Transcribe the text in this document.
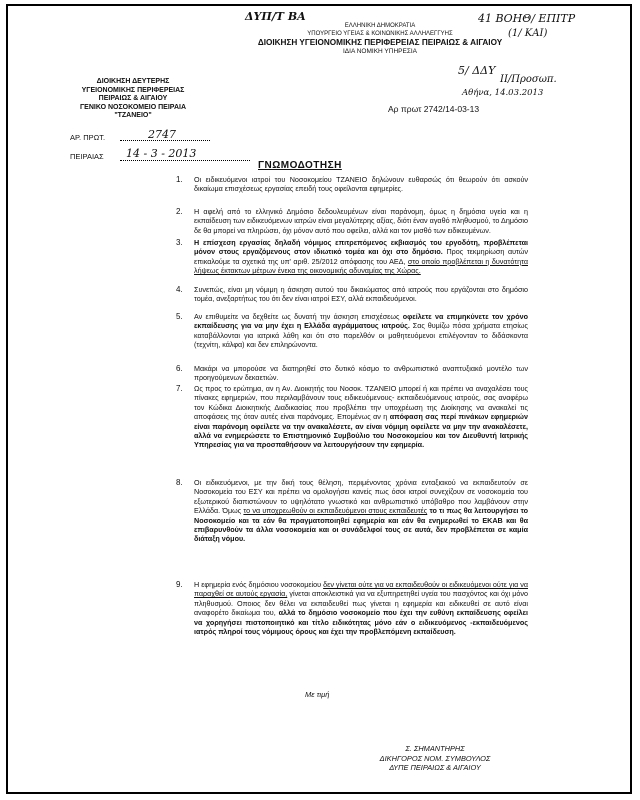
ΔΥΠ/Τ ΒΑ	41 ΒΟΗΘ/ ΕΠΙΤΡ
(1/ ΚΑΙ)
5/ ΔΔΥ
ΙΙ/Προσωπ.
Αθήνα, 14.03.2013
ΕΛΛΗΝΙΚΗ ΔΗΜΟΚΡΑΤΙΑ
ΥΠΟΥΡΓΕΙΟ ΥΓΕΙΑΣ & ΚΟΙΝΩΝΙΚΗΣ ΑΛΛΗΛΕΓΓΥΗΣ
ΔΙΟΙΚΗΣΗ ΥΓΕΙΟΝΟΜΙΚΗΣ ΠΕΡΙΦΕΡΕΙΑΣ ΠΕΙΡΑΙΩΣ & ΑΙΓΑΙΟΥ
ΙΔΙΑ ΝΟΜΙΚΗ ΥΠΗΡΕΣΙΑ
Αρ πρωτ 2742/14-03-13
ΔΙΟΙΚΗΣΗ ΔΕΥΤΕΡΗΣ
ΥΓΕΙΟΝΟΜΙΚΗΣ ΠΕΡΙΦΕΡΕΙΑΣ
ΠΕΙΡΑΙΩΣ & ΑΙΓΑΙΟΥ
ΓΕΝΙΚΟ ΝΟΣΟΚΟΜΕΙΟ ΠΕΙΡΑΙΑ
"ΤΖΑΝΕΙΟ"
ΑΡ. ΠΡΩΤ.	2747
ΠΕΙΡΑΙΑΣ 14 - 3 - 2013
ΓΝΩΜΟΔΟΤΗΣΗ
1. Οι ειδικευόμενοι ιατροί του Νοσοκομείου ΤΖΑΝΕΙΟ δηλώνουν ευθαρσώς ότι θεωρούν ότι ασκούν δικαίωμα επισχέσεως εργασίας επειδή τους οφείλονται εφημερίες.
2. Η αφελή από το ελληνικό Δημόσιο δεδουλευμένων είναι παράνομη, όμως η δημόσια υγεία και η εκπαίδευση των ειδικευόμενων ιατρών είναι μεγαλύτερης αξίας, διότι έναν αγαθό πληθυσμού, το Δημόσιο δε θα μπορεί να πληρώσει, όχι μόνον αυτό που οφείλει, αλλά και τον μισθό των ειδικευμένων.
3. Η επίσχεση εργασίας δηλαδή νόμιμος επιτρεπόμενος εκβιασμός του εργοδότη, προβλέπεται μόνον στους εργαζόμενους στον ιδιωτικό τομέα και όχι στο δημόσιο. Προς τεκμηρίωση αυτών επικαλούμε τα σχετικά της υπ' αριθ. 25/2012 απόφασης του ΑΕΔ, στο οποίο προβλέπεται η δυνατότητα λήψεως έκτακτων μέτρων ένεκα της οικονομικής αδυναμίας της Χώρας.
4. Συνεπώς, είναι μη νόμιμη η άσκηση αυτού του δικαιώματος από ιατρούς που εργάζονται στο δημόσιο τομέα, ανεξαρτήτως του ότι δεν είναι ιατροί ΕΣΥ, αλλά εκπαιδευόμενοι.
5. Αν επιθυμείτε να δεχθείτε ως δυνατή την άσκηση επισχέσεως οφείλετε να επιμηκύνετε τον χρόνο εκπαίδευσης για να μην έχει η Ελλάδα αγράμματους ιατρούς. Σας θυμίζω πόσα χρήματα ετησίως καταβάλλονται για ιατρικά λάθη και ότι στο παρελθόν οι μαθητευόμενοι επιλέγονταν το διδάσκοντα (τεχνίτη, κάλφα) και δεν επιληρώνοντα.
6. Μακάρι να μπορούσε να διατηρηθεί στο δυτικό κόσμο το ανθρωπιστικό αναπτυξιακό μοντέλο των προηγούμενων δεκαετιών.
7. Ως προς το ερώτημα, αν η Αν. Διοικητής του Νοσοκ. ΤΖΑΝΕΙΟ μπορεί ή και πρέπει να αναχαλέσει τους πίνακες εφημεριών, που περιλαμβάνουν τους ειδικευόμενους- εκπαιδευόμενους ιατρούς, σας αναφέρω τον Κώδικα Διοικητικής Διαδικασίας που προβλέπει την υποχρέωση της Διοίκησης να ανακαλεί τις αποφάσεις της όταν αυτές είναι παράνομες. Επομένως αν η απόφαση σας περί πινάκων εφημεριών είναι παράνομη οφείλετε να την ανακαλέσετε, αν είναι νόμιμη οφείλετε να μην την ανακαλέσετε, αλλά να ενημερώσετε το Επιστημονικό Συμβούλιο του Νοσοκομείου και τον Διευθυντή Ιατρικής Υπηρεσίας για να προσπαθήσουν να λειτουργήσουν την εφημερία.
8. Οι ειδικευόμενοι, με την δική τους θέληση, περιμένοντας χρόνια ενταξιακού να εκπαιδευτούν σε Νοσοκομεία του ΕΣΥ και πρέπει να ομολογήσει κανείς πως όσοι ιατροί συνεχίζουν σε νοσοκομεία του εξωτερικού διαπιστώνουν το υψηλότατο γνωστικό και ανθρωπιστικό υπόβαθρο που λαμβάνουν στην Ελλάδα. Όμως το να υποχρεωθούν οι εκπαιδευόμενοι στους εκπαιδευτές το τι πως θα λειτουργήσει το Νοσοκομείο και τα εάν θα πραγματοποιηθεί εφημερία και εάν θα ενημερωθεί το ΕΚΑΒ και θα επιβαρυνθούν τα άλλα νοσοκομεία και οι συνάδελφοί τους σε αυτά, δεν προβλέπεται σε καμία διάταξη νόμου.
9. Η εφημερία ενός δημόσιου νοσοκομείου δεν γίνεται ούτε για να εκπαιδευθούν οι ειδικευόμενοι ούτε για να παραχθεί σε αυτούς εργασία, γίνεται αποκλειστικά για να εξυπηρετηθεί υγεία του πασχόντος και όχι μόνο πληθυσμού. Οποιος δεν θέλει να εκπαιδευθεί πως γίνεται η εφημερία και ειδικευθεί σε αυτό είναι αναφορέτο δικαίωμα του, αλλά το δημόσιο νοσοκομείο που έχει την ευθύνη εκπαίδευσης οφείλει να χορηγήσει πιστοποιητικό και τίτλο ειδικότητας μόνο εάν ο ειδικευόμενος -εκπαιδευόμενος ιατρός πληροί τους νόμιμους όρους και έχει την προβλεπόμενη εκπαίδευση.
Με τιμή
Σ. ΣΗΜΑΝΤΗΡΗΣ
ΔΙΚΗΓΟΡΟΣ ΝΟΜ. ΣΥΜΒΟΥΛΟΣ
ΔΥΠΕ ΠΕΙΡΑΙΩΣ & ΑΙΓΑΙΟΥ
